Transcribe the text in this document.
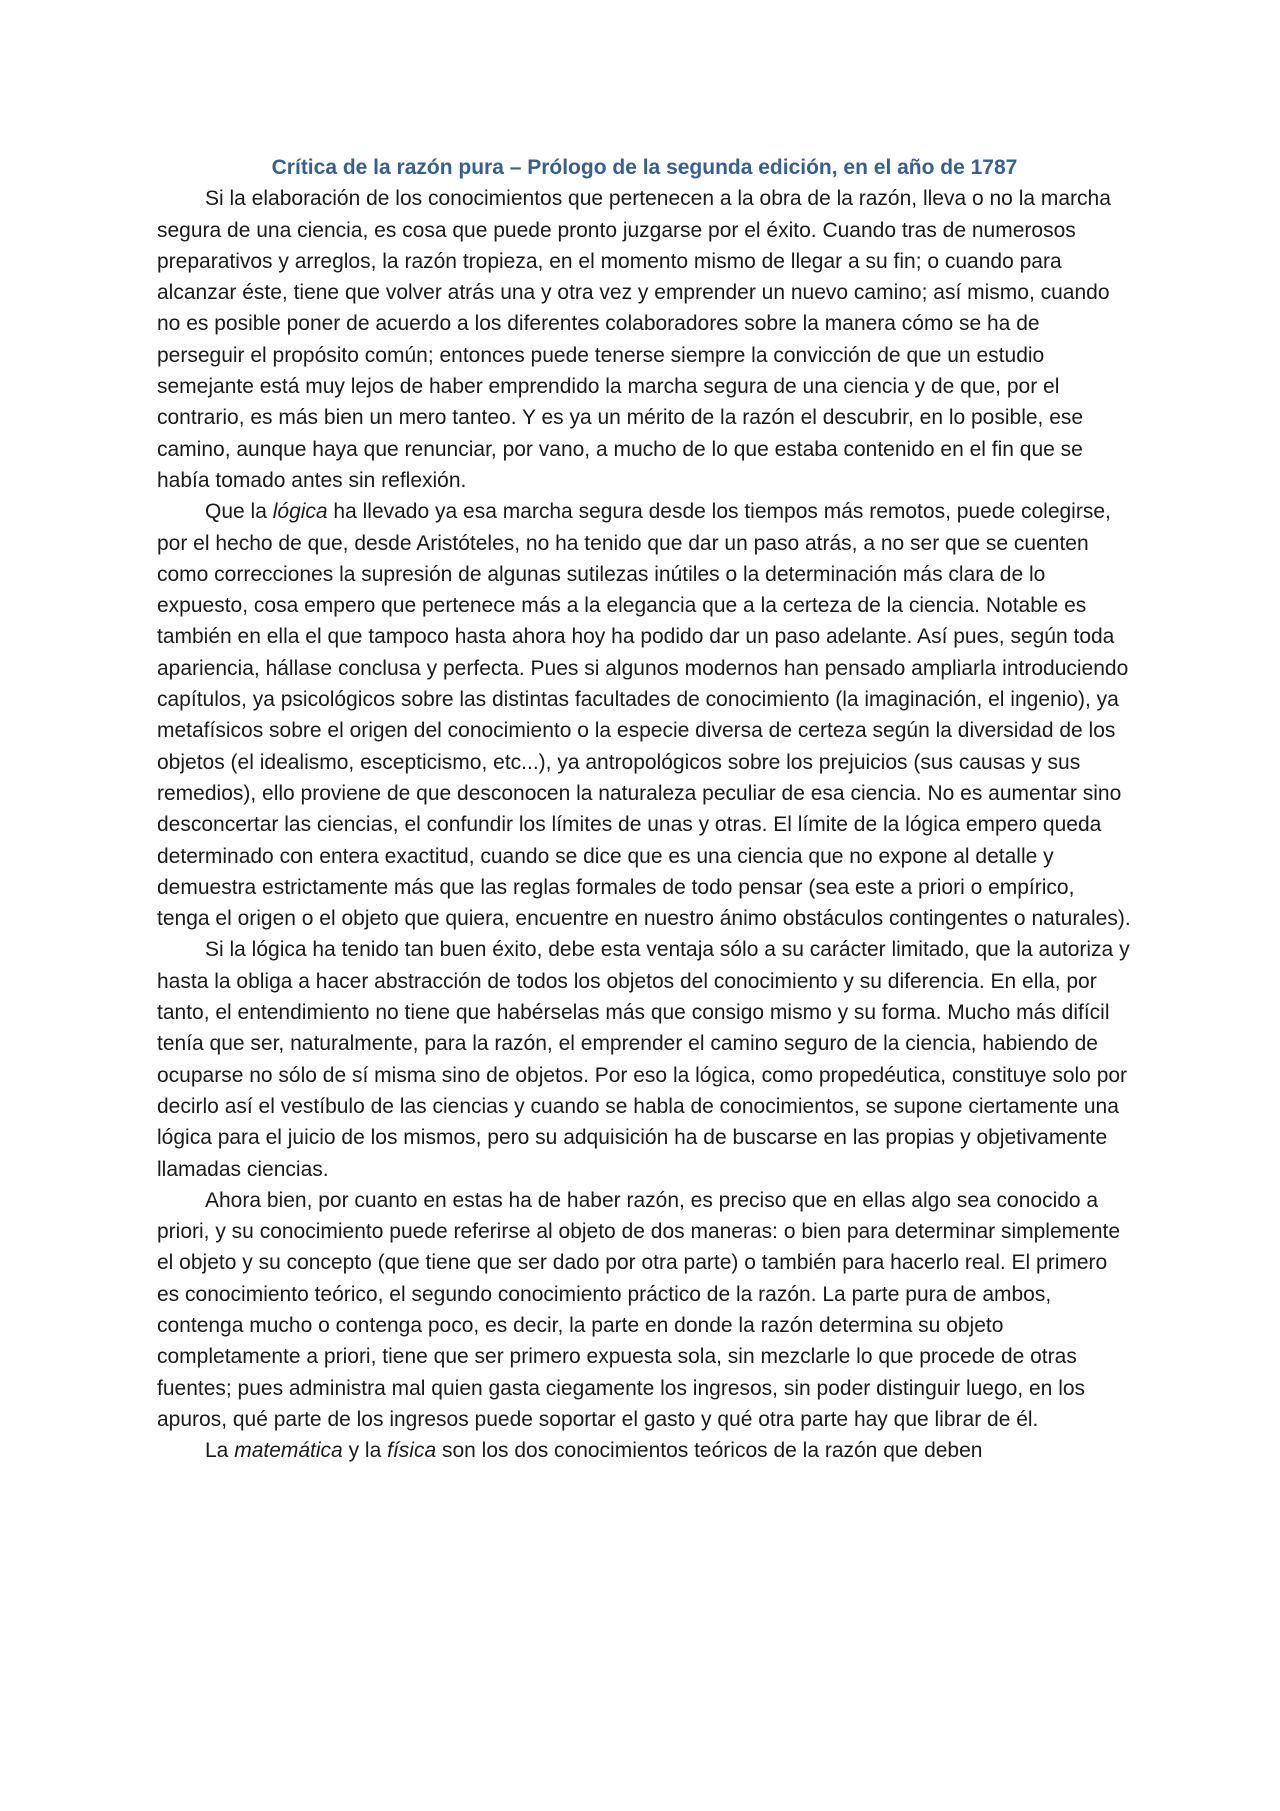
Crítica de la razón pura – Prólogo de la segunda edición, en el año de 1787

Si la elaboración de los conocimientos que pertenecen a la obra de la razón, lleva o no la marcha segura de una ciencia, es cosa que puede pronto juzgarse por el éxito. Cuando tras de numerosos preparativos y arreglos, la razón tropieza, en el momento mismo de llegar a su fin; o cuando para alcanzar éste, tiene que volver atrás una y otra vez y emprender un nuevo camino; así mismo, cuando no es posible poner de acuerdo a los diferentes colaboradores sobre la manera cómo se ha de perseguir el propósito común; entonces puede tenerse siempre la convicción de que un estudio semejante está muy lejos de haber emprendido la marcha segura de una ciencia y de que, por el contrario, es más bien un mero tanteo. Y es ya un mérito de la razón el descubrir, en lo posible, ese camino, aunque haya que renunciar, por vano, a mucho de lo que estaba contenido en el fin que se había tomado antes sin reflexión.

Que la lógica ha llevado ya esa marcha segura desde los tiempos más remotos, puede colegirse, por el hecho de que, desde Aristóteles, no ha tenido que dar un paso atrás, a no ser que se cuenten como correcciones la supresión de algunas sutilezas inútiles o la determinación más clara de lo expuesto, cosa empero que pertenece más a la elegancia que a la certeza de la ciencia. Notable es también en ella el que tampoco hasta ahora hoy ha podido dar un paso adelante. Así pues, según toda apariencia, hállase conclusa y perfecta. Pues si algunos modernos han pensado ampliarla introduciendo capítulos, ya psicológicos sobre las distintas facultades de conocimiento (la imaginación, el ingenio), ya metafísicos sobre el origen del conocimiento o la especie diversa de certeza según la diversidad de los objetos (el idealismo, escepticismo, etc...), ya antropológicos sobre los prejuicios (sus causas y sus remedios), ello proviene de que desconocen la naturaleza peculiar de esa ciencia. No es aumentar sino desconcertar las ciencias, el confundir los límites de unas y otras. El límite de la lógica empero queda determinado con entera exactitud, cuando se dice que es una ciencia que no expone al detalle y demuestra estrictamente más que las reglas formales de todo pensar (sea este a priori o empírico, tenga el origen o el objeto que quiera, encuentre en nuestro ánimo obstáculos contingentes o naturales).

Si la lógica ha tenido tan buen éxito, debe esta ventaja sólo a su carácter limitado, que la autoriza y hasta la obliga a hacer abstracción de todos los objetos del conocimiento y su diferencia. En ella, por tanto, el entendimiento no tiene que habérselas más que consigo mismo y su forma. Mucho más difícil tenía que ser, naturalmente, para la razón, el emprender el camino seguro de la ciencia, habiendo de ocuparse no sólo de sí misma sino de objetos. Por eso la lógica, como propedéutica, constituye solo por decirlo así el vestíbulo de las ciencias y cuando se habla de conocimientos, se supone ciertamente una lógica para el juicio de los mismos, pero su adquisición ha de buscarse en las propias y objetivamente llamadas ciencias.

Ahora bien, por cuanto en estas ha de haber razón, es preciso que en ellas algo sea conocido a priori, y su conocimiento puede referirse al objeto de dos maneras: o bien para determinar simplemente el objeto y su concepto (que tiene que ser dado por otra parte) o también para hacerlo real. El primero es conocimiento teórico, el segundo conocimiento práctico de la razón. La parte pura de ambos, contenga mucho o contenga poco, es decir, la parte en donde la razón determina su objeto completamente a priori, tiene que ser primero expuesta sola, sin mezclarle lo que procede de otras fuentes; pues administra mal quien gasta ciegamente los ingresos, sin poder distinguir luego, en los apuros, qué parte de los ingresos puede soportar el gasto y qué otra parte hay que librar de él.

La matemática y la física son los dos conocimientos teóricos de la razón que deben
